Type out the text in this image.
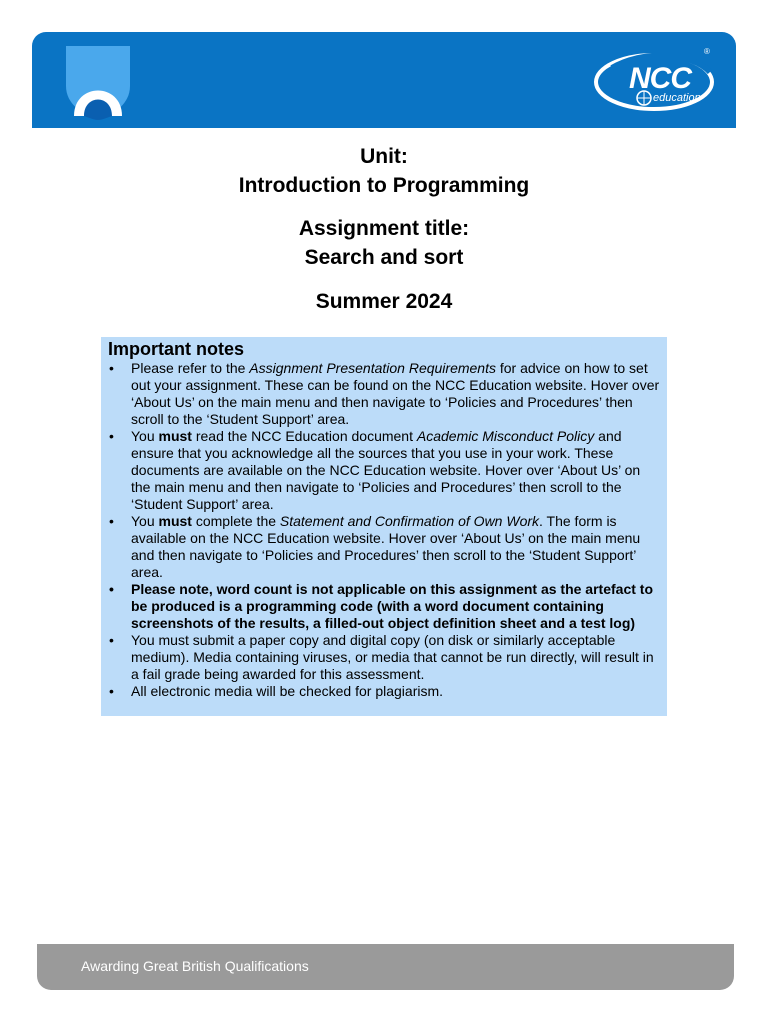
NCC
education
®
Unit:
Introduction to Programming
Assignment title:
Search and sort
Summer 2024
Important notes
• Please refer to the Assignment Presentation Requirements for advice on how to set out your assignment. These can be found on the NCC Education website. Hover over ‘About Us’ on the main menu and then navigate to ‘Policies and Procedures’ then scroll to the ‘Student Support’ area.
• You must read the NCC Education document Academic Misconduct Policy and ensure that you acknowledge all the sources that you use in your work. These documents are available on the NCC Education website. Hover over ‘About Us’ on the main menu and then navigate to ‘Policies and Procedures’ then scroll to the ‘Student Support’ area.
• You must complete the Statement and Confirmation of Own Work. The form is available on the NCC Education website. Hover over ‘About Us’ on the main menu and then navigate to ‘Policies and Procedures’ then scroll to the ‘Student Support’ area.
• Please note, word count is not applicable on this assignment as the artefact to be produced is a programming code (with a word document containing screenshots of the results, a filled-out object definition sheet and a test log)
• You must submit a paper copy and digital copy (on disk or similarly acceptable medium). Media containing viruses, or media that cannot be run directly, will result in a fail grade being awarded for this assessment.
• All electronic media will be checked for plagiarism.
Awarding Great British Qualifications
